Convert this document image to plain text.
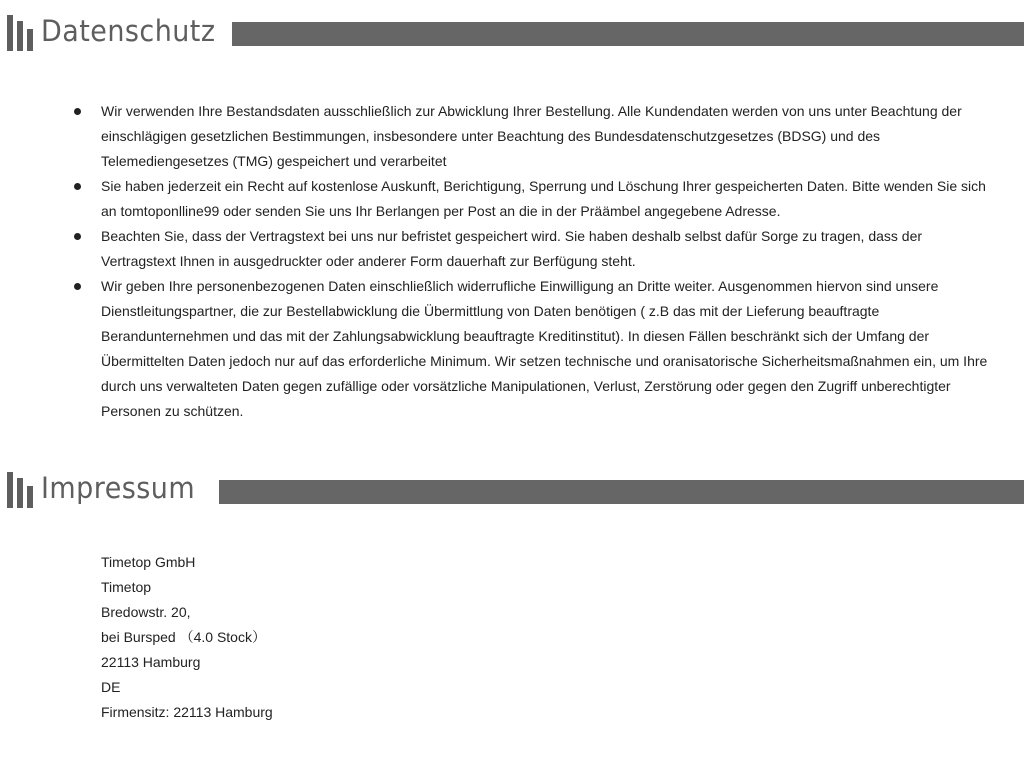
Datenschutz
Wir verwenden Ihre Bestandsdaten ausschließlich zur Abwicklung Ihrer Bestellung. Alle Kundendaten werden von uns unter Beachtung der einschlägigen gesetzlichen Bestimmungen, insbesondere unter Beachtung des Bundesdatenschutzgesetzes (BDSG) und des Telemediengesetzes (TMG) gespeichert und verarbeitet
Sie haben jederzeit ein Recht auf kostenlose Auskunft, Berichtigung, Sperrung und Löschung Ihrer gespeicherten Daten. Bitte wenden Sie sich an tomtoponlline99 oder senden Sie uns Ihr Berlangen per Post an die in der Präämbel angegebene Adresse.
Beachten Sie, dass der Vertragstext bei uns nur befristet gespeichert wird. Sie haben deshalb selbst dafür Sorge zu tragen, dass der Vertragstext Ihnen in ausgedruckter oder anderer Form dauerhaft zur Berfügung steht.
Wir geben Ihre personenbezogenen Daten einschließlich widerrufliche Einwilligung an Dritte weiter. Ausgenommen hiervon sind unsere Dienstleitungspartner, die zur Bestellabwicklung die Übermittlung von Daten benötigen ( z.B das mit der Lieferung beauftragte Berandunternehmen und das mit der Zahlungsabwicklung beauftragte Kreditinstitut). In diesen Fällen beschränkt sich der Umfang der Übermittelten Daten jedoch nur auf das erforderliche Minimum. Wir setzen technische und oranisatorische Sicherheitsmaßnahmen ein, um Ihre durch uns verwalteten Daten gegen zufällige oder vorsätzliche Manipulationen, Verlust, Zerstörung oder gegen den Zugriff unberechtigter Personen zu schützen.
Impressum
Timetop GmbH
Timetop
Bredowstr. 20,
bei Bursped （4.0 Stock）
22113 Hamburg
DE
Firmensitz: 22113 Hamburg
